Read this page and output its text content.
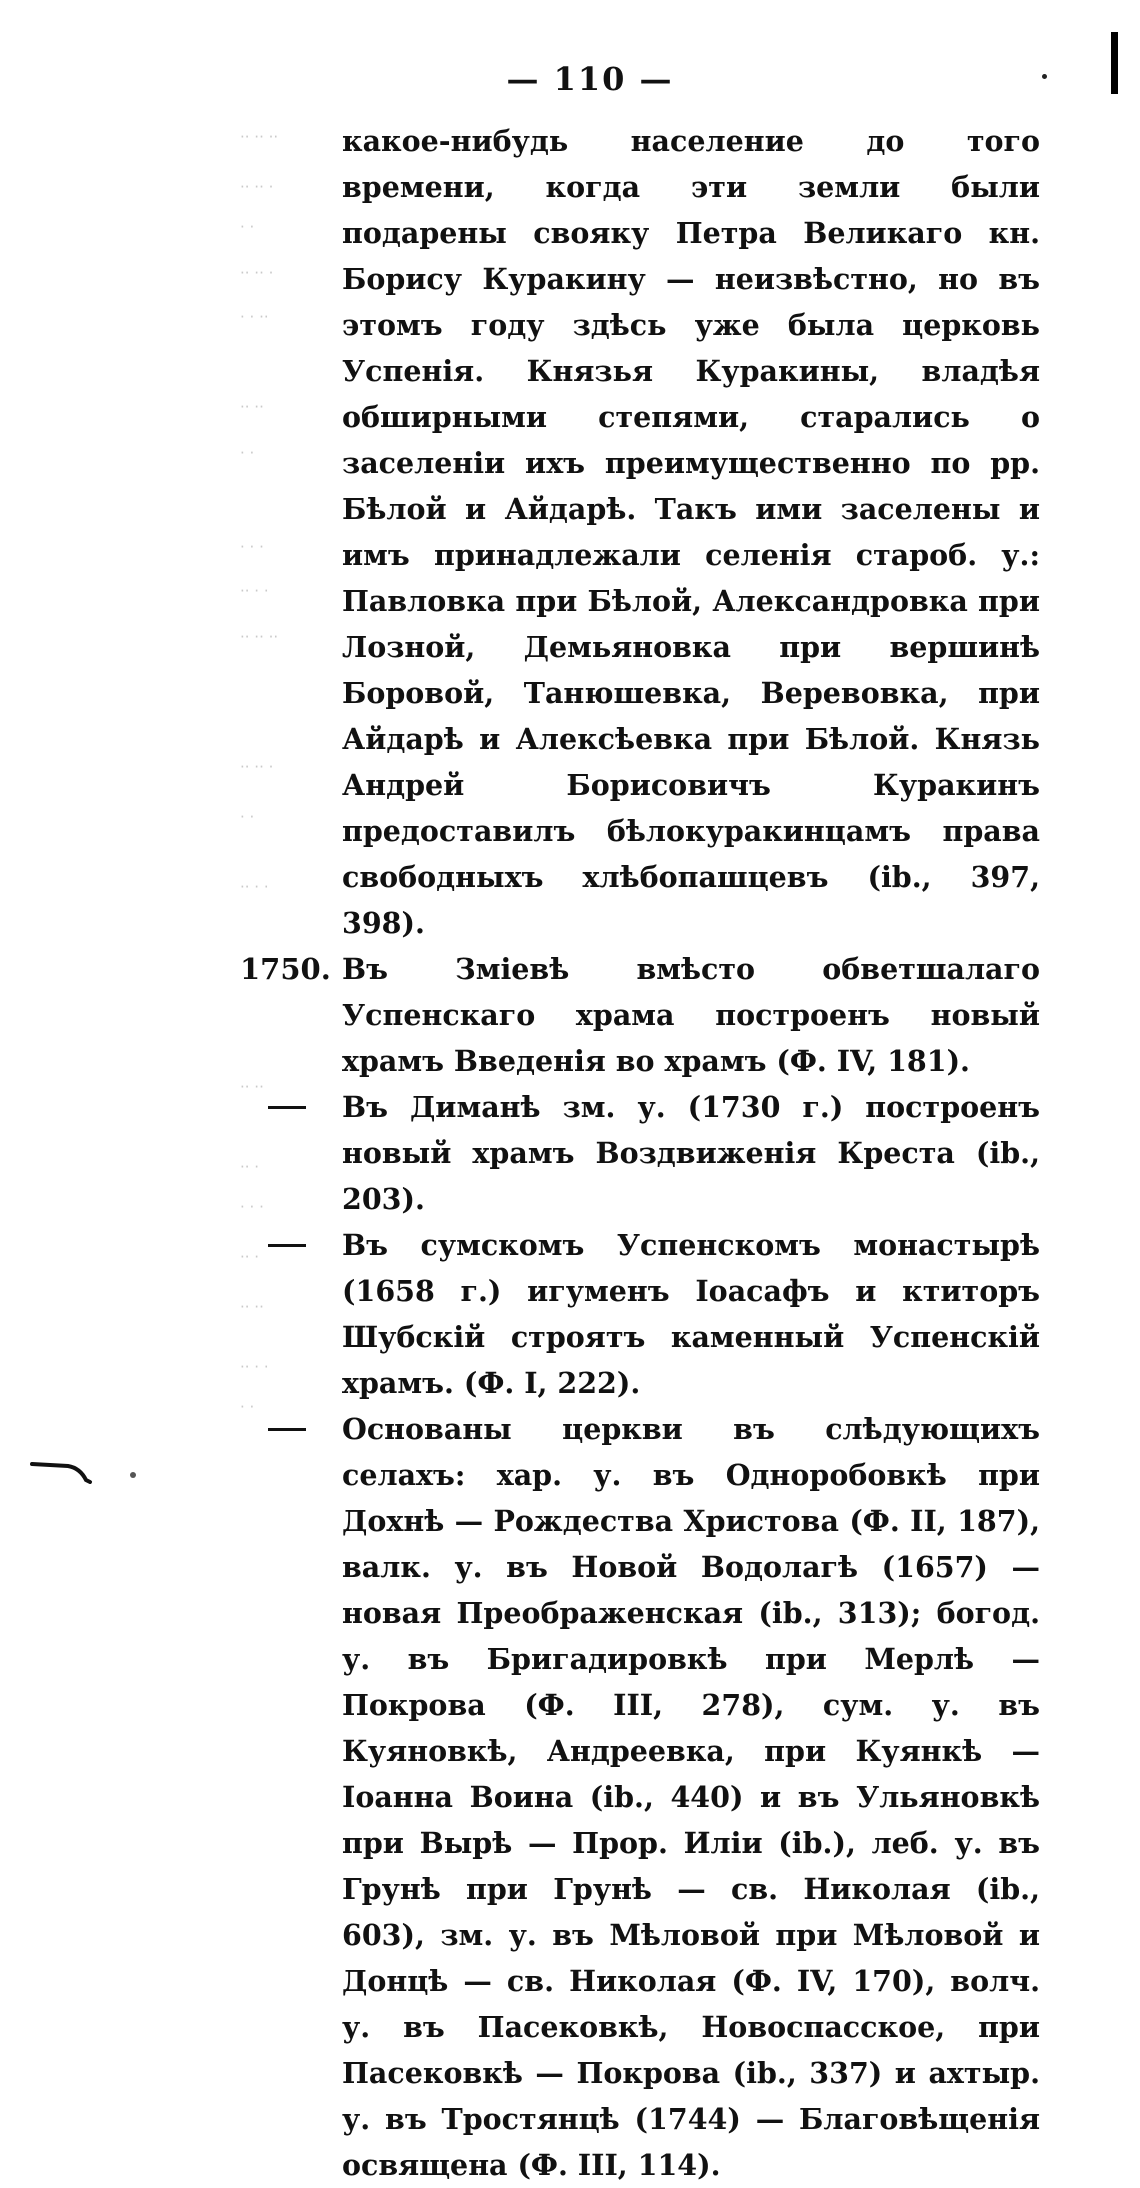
— 110 —
·· ·· ··
·· ·· ·
· ·
·· ·· ·
· · ··
·· ··
· ·
· · ·
·· · ·
·· ·· ··
·· ·· ·
· ·
·· · ·
·· ··
·· ·
· · ·
·· ·
·· ··
·· · ·
· ·

какое-нибудь население до того времени, когда эти земли были подарены свояку Петра Великаго кн. Борису Куракину — неизвѣстно, но въ этомъ году здѣсь уже была церковь Успенія. Князья Куракины, владѣя обширными степями, старались о заселеніи ихъ преимущественно по рр. Бѣлой и Айдарѣ. Такъ ими заселены и имъ принадлежали селенія староб. у.: Павловка при Бѣлой, Александровка при Лозной, Демьяновка при вершинѣ Боровой, Танюшевка, Веревовка, при Айдарѣ и Алексѣевка при Бѣлой. Князь Андрей Борисовичъ Куракинъ предоставилъ бѣлокуракинцамъ права свободныхъ хлѣбопашцевъ (ib., 397, 398).

1750. Въ Змiевѣ вмѣсто обветшалаго Успенскаго храма построенъ новый храмъ Введенія во храмъ (Ф. IV, 181).

Въ Диманѣ зм. у. (1730 г.) построенъ новый храмъ Воздвиженія Креста (ib., 203).

Въ сумскомъ Успенскомъ монастырѣ (1658 г.) игуменъ Іоасафъ и ктиторъ Шубскій строятъ каменный Успенскій храмъ. (Ф. I, 222).

Основаны церкви въ слѣдующихъ селахъ: хар. у. въ Одноробовкѣ при Дохнѣ — Рождества Христова (Ф. II, 187), валк. у. въ Новой Водолагѣ (1657) — новая Преображенская (ib., 313); богод. у. въ Бригадировкѣ при Мерлѣ — Покрова (Ф. III, 278), сум. у. въ Куяновкѣ, Андреевка, при Куянкѣ — Іоанна Воина (ib., 440) и въ Ульяновкѣ при Вырѣ — Прор. Иліи (ib.), леб. у. въ Грунѣ при Грунѣ — св. Николая (ib., 603), зм. у. въ Мѣловой при Мѣловой и Донцѣ — св. Николая (Ф. IV, 170), волч. у. въ Пасековкѣ, Новоспасское, при Пасековкѣ — Покрова (ib., 337) и ахтыр. у. въ Тростянцѣ (1744) — Благовѣщенія освящена (Ф. III, 114).
